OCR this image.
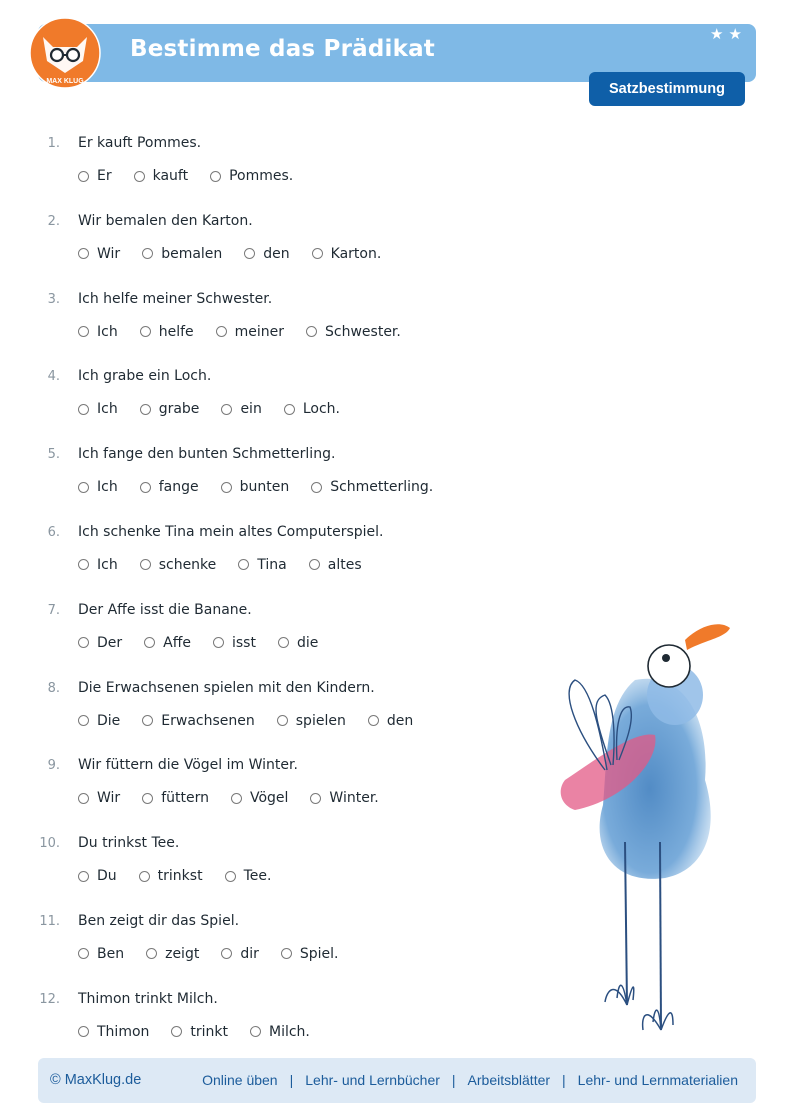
MAX KLUG
Bestimme das Prädikat
★★
Satzbestimmung
1. Er kauft Pommes.
Er	kauft	Pommes.
2. Wir bemalen den Karton.
Wir	bemalen	den	Karton.
3. Ich helfe meiner Schwester.
Ich	helfe	meiner	Schwester.
4. Ich grabe ein Loch.
Ich	grabe	ein	Loch.
5. Ich fange den bunten Schmetterling.
Ich	fange	bunten	Schmetterling.
6. Ich schenke Tina mein altes Computerspiel.
Ich	schenke	Tina	altes
7. Der Affe isst die Banane.
Der	Affe	isst	die
8. Die Erwachsenen spielen mit den Kindern.
Die	Erwachsenen	spielen	den
9. Wir füttern die Vögel im Winter.
Wir	füttern	Vögel	Winter.
10. Du trinkst Tee.
Du	trinkst	Tee.
11. Ben zeigt dir das Spiel.
Ben	zeigt	dir	Spiel.
12. Thimon trinkt Milch.
Thimon	trinkt	Milch.
© MaxKlug.de	Online üben | Lehr- und Lernbücher | Arbeitsblätter | Lehr- und Lernmaterialien
